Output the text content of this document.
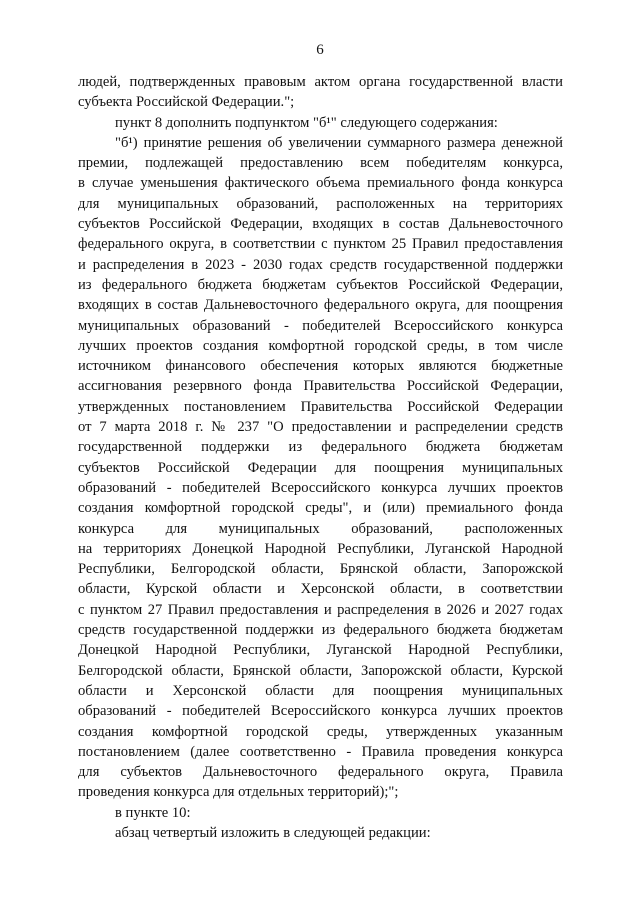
6
людей, подтвержденных правовым актом органа государственной власти
субъекта Российской Федерации.";
пункт 8 дополнить подпунктом "б¹" следующего содержания:
"б¹) принятие решения об увеличении суммарного размера денежной
премии, подлежащей предоставлению всем победителям конкурса,
в случае уменьшения фактического объема премиального фонда конкурса
для муниципальных образований, расположенных на территориях
субъектов Российской Федерации, входящих в состав Дальневосточного
федерального округа, в соответствии с пунктом 25 Правил предоставления
и распределения в 2023 - 2030 годах средств государственной поддержки
из федерального бюджета бюджетам субъектов Российской Федерации,
входящих в состав Дальневосточного федерального округа, для поощрения
муниципальных образований - победителей Всероссийского конкурса
лучших проектов создания комфортной городской среды, в том числе
источником финансового обеспечения которых являются бюджетные
ассигнования резервного фонда Правительства Российской Федерации,
утвержденных постановлением Правительства Российской Федерации
от 7 марта 2018 г. № 237 "О предоставлении и распределении средств
государственной поддержки из федерального бюджета бюджетам
субъектов Российской Федерации для поощрения муниципальных
образований - победителей Всероссийского конкурса лучших проектов
создания комфортной городской среды", и (или) премиального фонда
конкурса для муниципальных образований, расположенных
на территориях Донецкой Народной Республики, Луганской Народной
Республики, Белгородской области, Брянской области, Запорожской
области, Курской области и Херсонской области, в соответствии
с пунктом 27 Правил предоставления и распределения в 2026 и 2027 годах
средств государственной поддержки из федерального бюджета бюджетам
Донецкой Народной Республики, Луганской Народной Республики,
Белгородской области, Брянской области, Запорожской области, Курской
области и Херсонской области для поощрения муниципальных
образований - победителей Всероссийского конкурса лучших проектов
создания комфортной городской среды, утвержденных указанным
постановлением (далее соответственно - Правила проведения конкурса
для субъектов Дальневосточного федерального округа, Правила
проведения конкурса для отдельных территорий);";
в пункте 10:
абзац четвертый изложить в следующей редакции:
